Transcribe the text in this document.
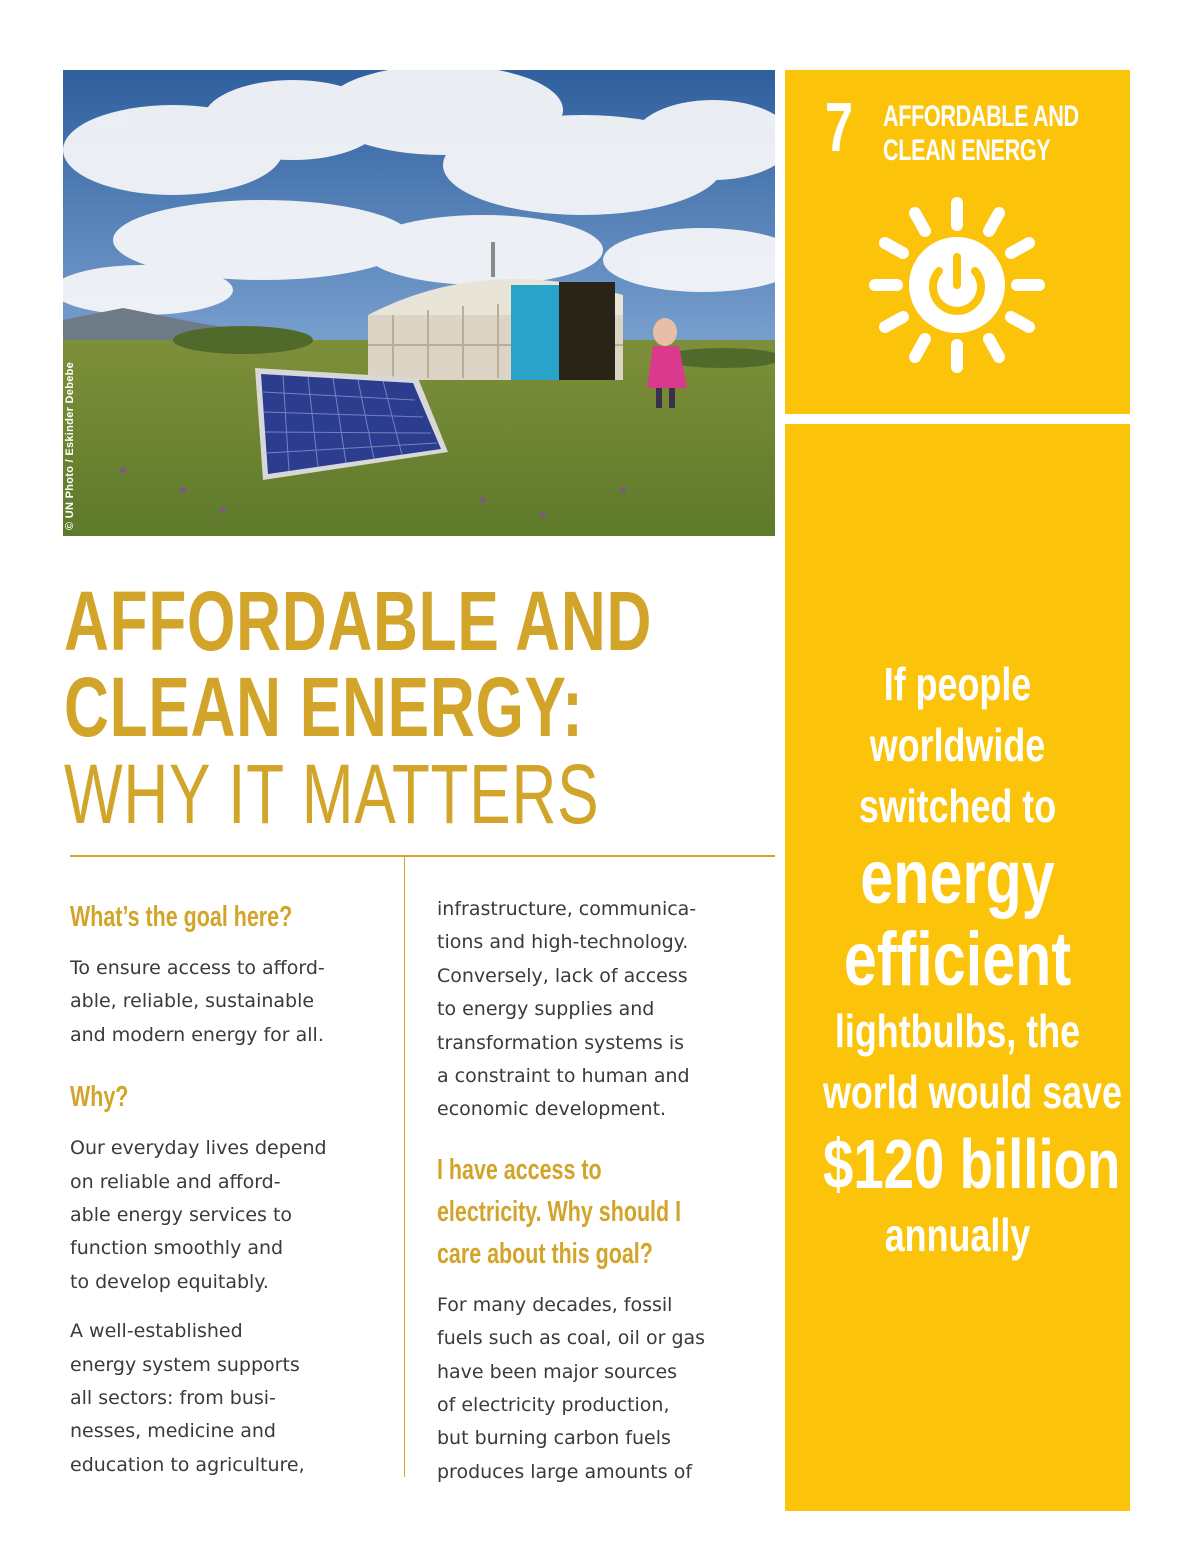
© UN Photo / Eskinder Debebe
7 AFFORDABLE AND
CLEAN ENERGY
If people
worldwide
switched to
energy
efficient
lightbulbs, the
world would save
$120 billion
annually
AFFORDABLE AND
CLEAN ENERGY:
WHY IT MATTERS
What’s the goal here?

To ensure access to afford-
able, reliable, sustainable
and modern energy for all.

Why?

Our everyday lives depend
on reliable and afford-
able energy services to
function smoothly and
to develop equitably.

A well-established
energy system supports
all sectors: from busi-
nesses, medicine and
education to agriculture,

infrastructure, communica-
tions and high-technology.
Conversely, lack of access
to energy supplies and
transformation systems is
a constraint to human and
economic development.

I have access to
electricity. Why should I
care about this goal?

For many decades, fossil
fuels such as coal, oil or gas
have been major sources
of electricity production,
but burning carbon fuels
produces large amounts of
